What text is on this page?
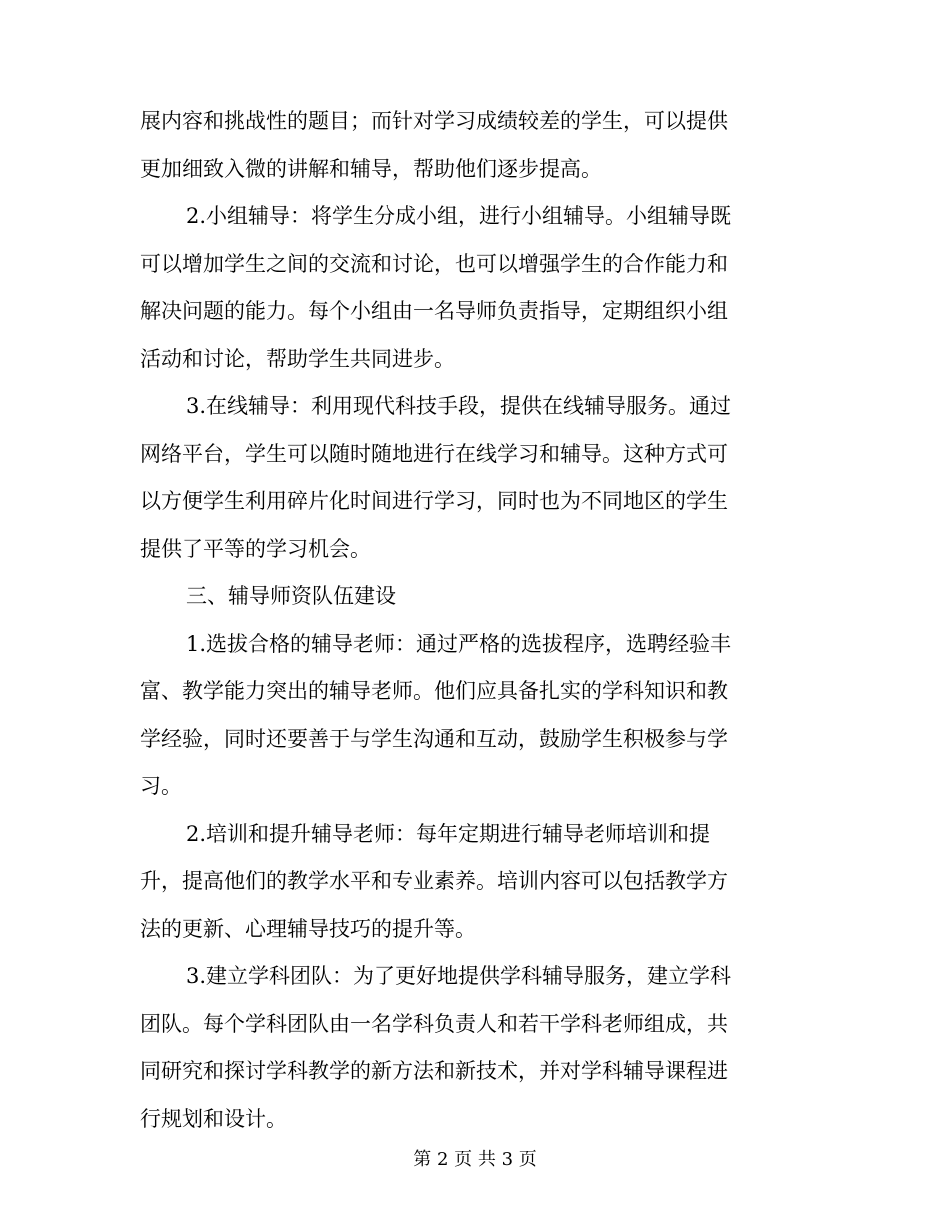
展内容和挑战性的题目；而针对学习成绩较差的学生，可以提供
更加细致入微的讲解和辅导，帮助他们逐步提高。
2.小组辅导：将学生分成小组，进行小组辅导。小组辅导既
可以增加学生之间的交流和讨论，也可以增强学生的合作能力和
解决问题的能力。每个小组由一名导师负责指导，定期组织小组
活动和讨论，帮助学生共同进步。
3.在线辅导：利用现代科技手段，提供在线辅导服务。通过
网络平台，学生可以随时随地进行在线学习和辅导。这种方式可
以方便学生利用碎片化时间进行学习，同时也为不同地区的学生
提供了平等的学习机会。
三、辅导师资队伍建设
1.选拔合格的辅导老师：通过严格的选拔程序，选聘经验丰
富、教学能力突出的辅导老师。他们应具备扎实的学科知识和教
学经验，同时还要善于与学生沟通和互动，鼓励学生积极参与学
习。
2.培训和提升辅导老师：每年定期进行辅导老师培训和提
升，提高他们的教学水平和专业素养。培训内容可以包括教学方
法的更新、心理辅导技巧的提升等。
3.建立学科团队：为了更好地提供学科辅导服务，建立学科
团队。每个学科团队由一名学科负责人和若干学科老师组成，共
同研究和探讨学科教学的新方法和新技术，并对学科辅导课程进
行规划和设计。
第 2 页 共 3 页
